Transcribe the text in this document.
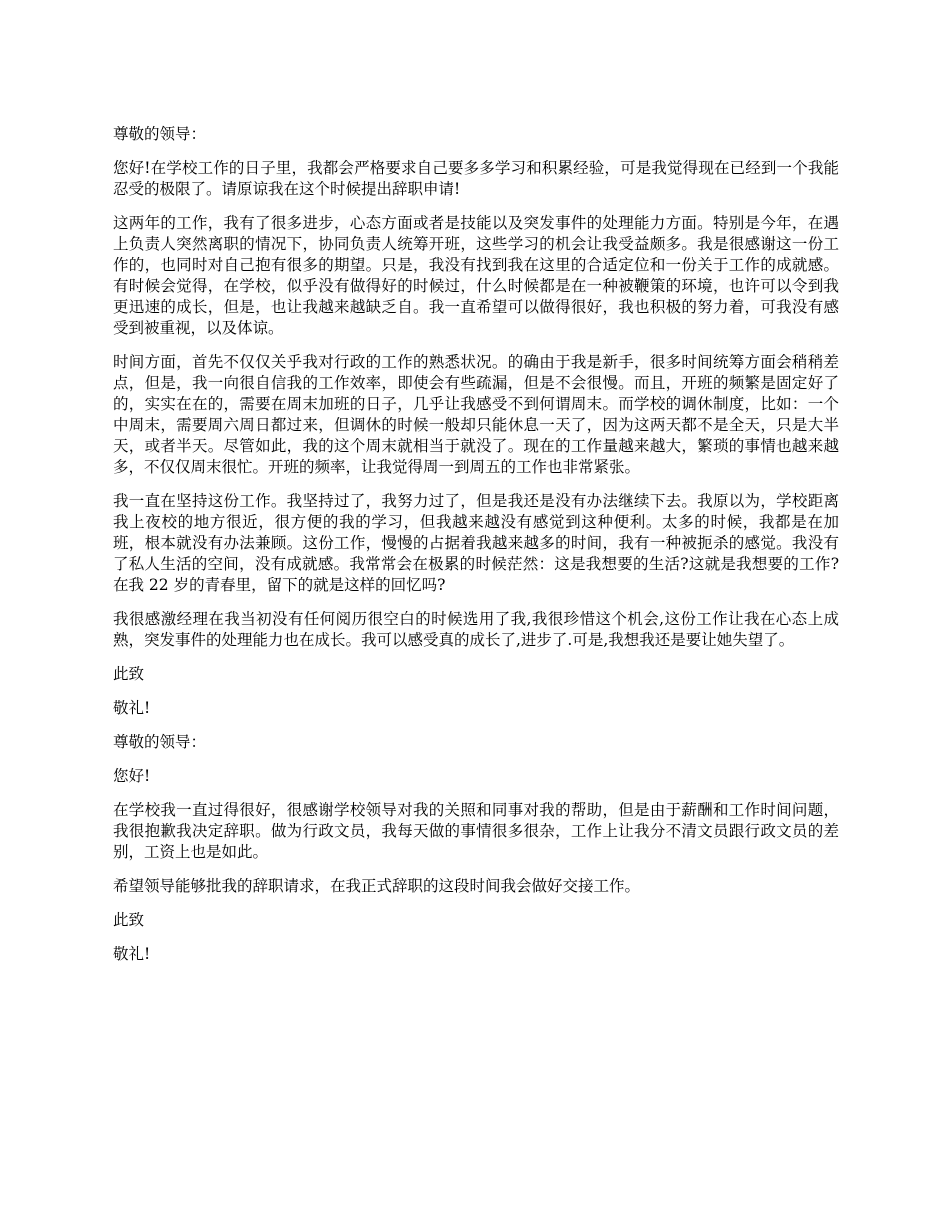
尊敬的领导：

您好!在学校工作的日子里，我都会严格要求自己要多多学习和积累经验，可是我觉得现在已经到一个我能忍受的极限了。请原谅我在这个时候提出辞职申请!

这两年的工作，我有了很多进步，心态方面或者是技能以及突发事件的处理能力方面。特别是今年，在遇上负责人突然离职的情况下，协同负责人统筹开班，这些学习的机会让我受益颇多。我是很感谢这一份工作的，也同时对自己抱有很多的期望。只是，我没有找到我在这里的合适定位和一份关于工作的成就感。有时候会觉得，在学校，似乎没有做得好的时候过，什么时候都是在一种被鞭策的环境，也许可以令到我更迅速的成长，但是，也让我越来越缺乏自。我一直希望可以做得很好，我也积极的努力着，可我没有感受到被重视，以及体谅。

时间方面，首先不仅仅关乎我对行政的工作的熟悉状况。的确由于我是新手，很多时间统筹方面会稍稍差点，但是，我一向很自信我的工作效率，即使会有些疏漏，但是不会很慢。而且，开班的频繁是固定好了的，实实在在的，需要在周末加班的日子，几乎让我感受不到何谓周末。而学校的调休制度，比如：一个中周末，需要周六周日都过来，但调休的时候一般却只能休息一天了，因为这两天都不是全天，只是大半天，或者半天。尽管如此，我的这个周末就相当于就没了。现在的工作量越来越大，繁琐的事情也越来越多，不仅仅周末很忙。开班的频率，让我觉得周一到周五的工作也非常紧张。

我一直在坚持这份工作。我坚持过了，我努力过了，但是我还是没有办法继续下去。我原以为，学校距离我上夜校的地方很近，很方便的我的学习，但我越来越没有感觉到这种便利。太多的时候，我都是在加班，根本就没有办法兼顾。这份工作，慢慢的占据着我越来越多的时间，我有一种被扼杀的感觉。我没有了私人生活的空间，没有成就感。我常常会在极累的时候茫然：这是我想要的生活?这就是我想要的工作?在我 22 岁的青春里，留下的就是这样的回忆吗?

我很感激经理在我当初没有任何阅历很空白的时候选用了我,我很珍惜这个机会,这份工作让我在心态上成熟，突发事件的处理能力也在成长。我可以感受真的成长了,进步了.可是,我想我还是要让她失望了。

此致

敬礼!

尊敬的领导：

您好!

在学校我一直过得很好，很感谢学校领导对我的关照和同事对我的帮助，但是由于薪酬和工作时间问题，我很抱歉我决定辞职。做为行政文员，我每天做的事情很多很杂，工作上让我分不清文员跟行政文员的差别，工资上也是如此。

希望领导能够批我的辞职请求，在我正式辞职的这段时间我会做好交接工作。

此致

敬礼!
